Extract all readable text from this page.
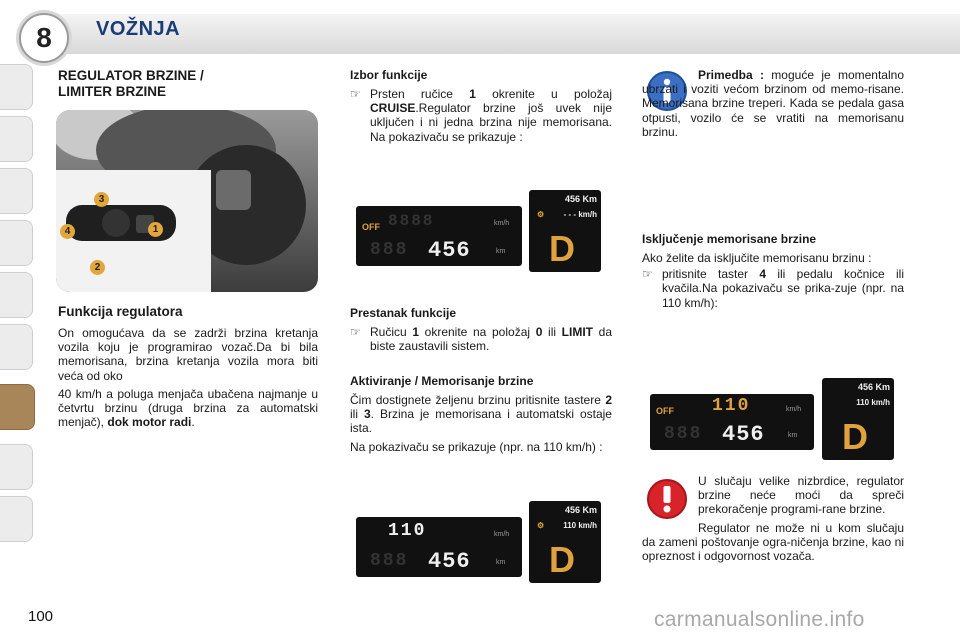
8	VOŽNJA
REGULATOR BRZINE /
LIMITER BRZINE
3
4	1
2
Funkcija regulatora

On omogućava da se zadrži brzina kretanja vozila koju je programirao vozač.Da bi bila memorisana, brzina kretanja vozila mora biti veća od oko

40 km/h a poluga menjača ubačena najmanje u četvrtu brzinu (druga brzina za automatski menjač), dok motor radi.

Izbor funkcije

☞ Prsten ručice 1 okrenite u položaj CRUISE.Regulator brzine još uvek nije uključen i ni jedna brzina nije memorisana. Na pokazivaču se prikazuje :

OFF 8888
888 456
km/h
km
456 Km
⚙ - - - km/h
D
Prestanak funkcije

☞ Ručicu 1 okrenite na položaj 0 ili LIMIT da biste zaustavili sistem.

Aktiviranje / Memorisanje brzine

Čim dostignete željenu brzinu pritisnite tastere 2 ili 3. Brzina je memorisana i automatski ostaje ista.

Na pokazivaču se prikazuje (npr. na 110 km/h) :

110
888 456
km/h
km
456 Km
⚙ 110 km/h
D

Primedba : moguće je momentalno ubrzati i voziti većom brzinom od memo-risane. Memorisana brzine treperi. Kada se pedala gasa otpusti, vozilo će se vratiti na memorisanu brzinu.

Isključenje memorisane brzine

Ako želite da isključite memorisanu brzinu :

☞ pritisnite taster 4 ili pedalu kočnice ili kvačila.Na pokazivaču se prika-zuje (npr. na 110 km/h):

OFF 110
888 456
km/h
km
456 Km
110 km/h
D

U slučaju velike nizbrdice, regulator brzine neće moći da spreči prekoračenje programi-rane brzine.

Regulator ne može ni u kom slučaju da zameni poštovanje ogra-ničenja brzine, kao ni opreznost i odgovornost vozača.

100	carmanualsonline.info
